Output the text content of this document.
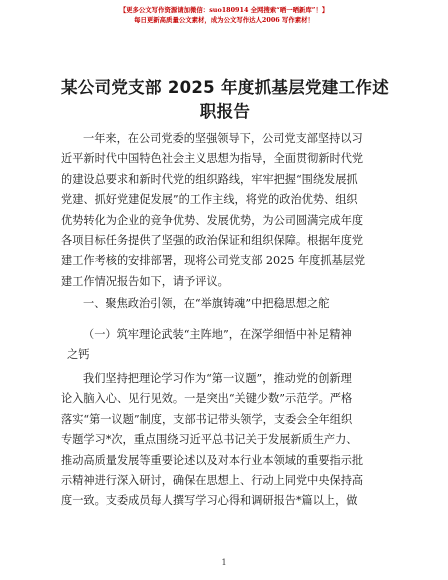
【更多公文写作资源请加微信：suo180914 全网搜索“晒一晒新库”！】
每日更新高质量公文素材，成为公文写作达人2006 写作素材！
某公司党支部 2025 年度抓基层党建工作述职报告

一年来，在公司党委的坚强领导下，公司党支部坚持以习

近平新时代中国特色社会主义思想为指导，全面贯彻新时代党

的建设总要求和新时代党的组织路线，牢牢把握“围绕发展抓

党建、抓好党建促发展”的工作主线，将党的政治优势、组织

优势转化为企业的竞争优势、发展优势，为公司圆满完成年度

各项目标任务提供了坚强的政治保证和组织保障。根据年度党

建工作考核的安排部署，现将公司党支部 2025 年度抓基层党

建工作情况报告如下，请予评议。

一、聚焦政治引领，在“举旗铸魂”中把稳思想之舵

（一）筑牢理论武装“主阵地”，在深学细悟中补足精神

之钙

我们坚持把理论学习作为“第一议题”，推动党的创新理

论入脑入心、见行见效。一是突出“关键少数”示范学。严格

落实“第一议题”制度，支部书记带头领学，支委会全年组织

专题学习*次，重点围绕习近平总书记关于发展新质生产力、

推动高质量发展等重要论述以及对本行业本领域的重要指示批

示精神进行深入研讨，确保在思想上、行动上同党中央保持高

度一致。支委成员每人撰写学习心得和调研报告*篇以上，做

1
